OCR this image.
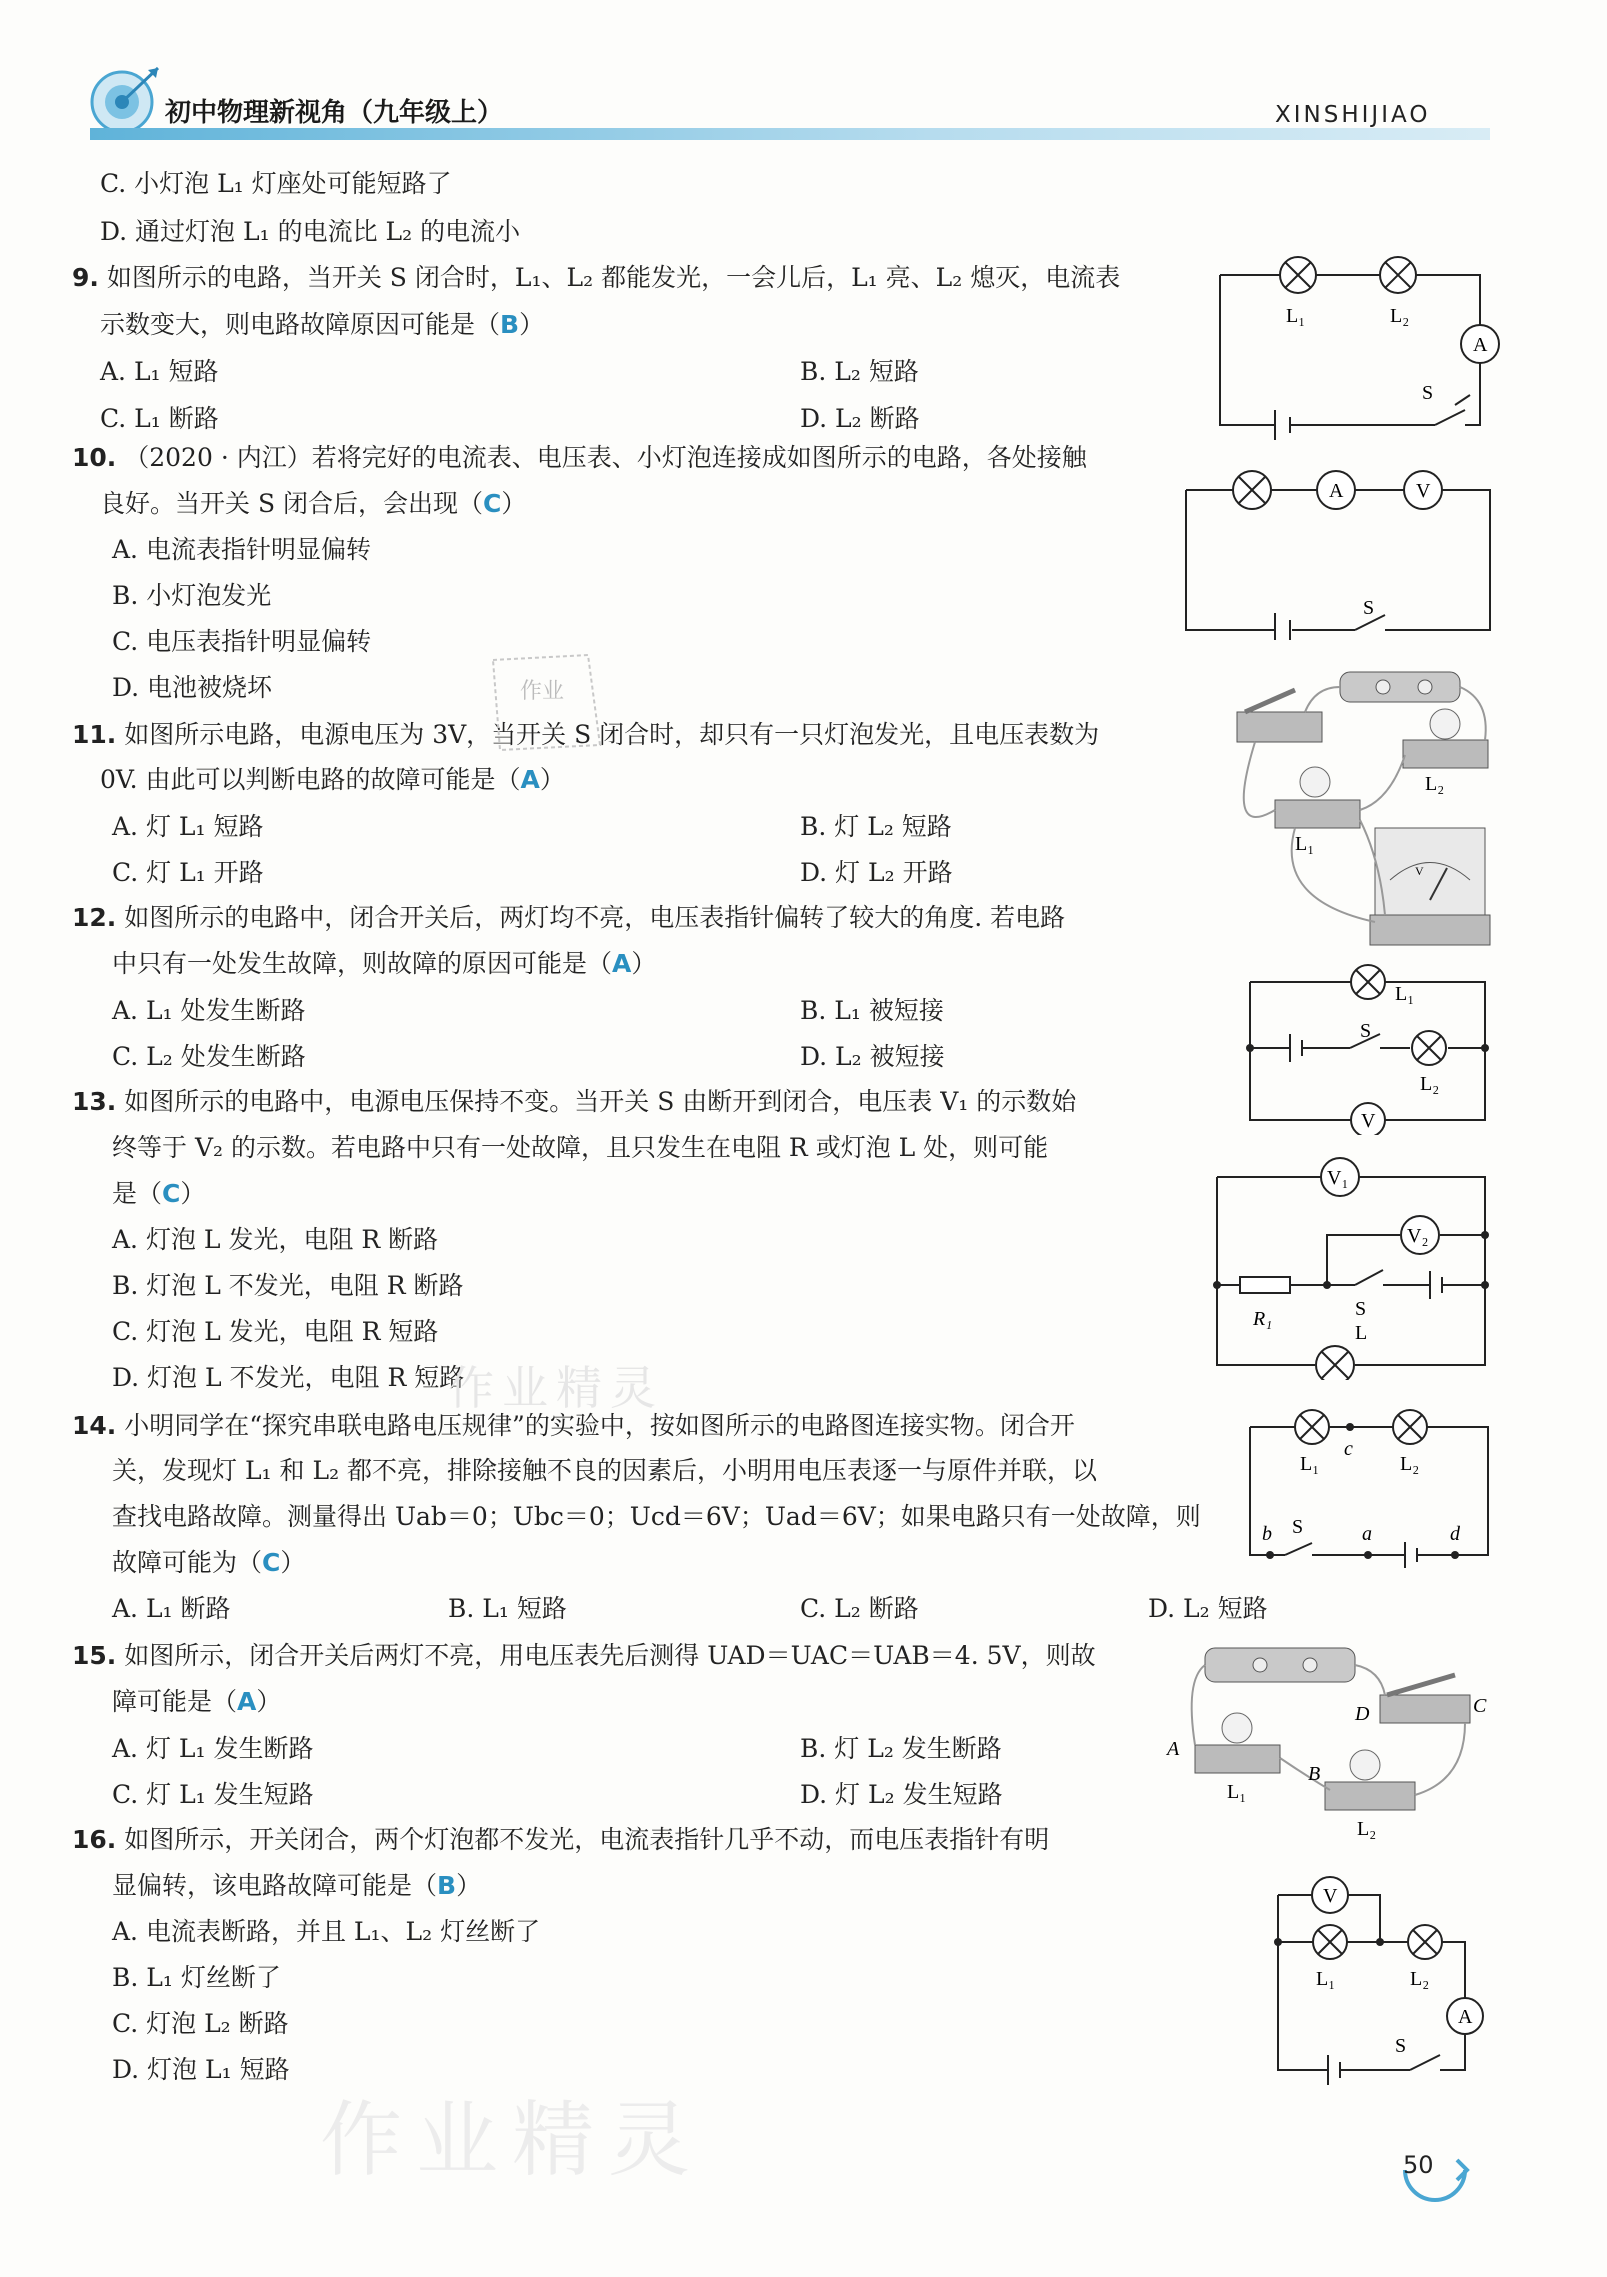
初中物理新视角（九年级上）	XINSHIJIAO
C. 小灯泡 L₁ 灯座处可能短路了
D. 通过灯泡 L₁ 的电流比 L₂ 的电流小
9. 如图所示的电路，当开关 S 闭合时，L₁、L₂ 都能发光，一会儿后，L₁ 亮、L₂ 熄灭，电流表
示数变大，则电路故障原因可能是（B）
A. L₁ 短路	B. L₂ 短路
C. L₁ 断路	D. L₂ 断路
10. （2020 · 内江）若将完好的电流表、电压表、小灯泡连接成如图所示的电路，各处接触
良好。当开关 S 闭合后，会出现（C）
A. 电流表指针明显偏转
B. 小灯泡发光
C. 电压表指针明显偏转
D. 电池被烧坏
11. 如图所示电路，电源电压为 3V，当开关 S 闭合时，却只有一只灯泡发光，且电压表数为
0V. 由此可以判断电路的故障可能是（A）
A. 灯 L₁ 短路	B. 灯 L₂ 短路
C. 灯 L₁ 开路	D. 灯 L₂ 开路
12. 如图所示的电路中，闭合开关后，两灯均不亮，电压表指针偏转了较大的角度. 若电路
中只有一处发生故障，则故障的原因可能是（A）
A. L₁ 处发生断路	B. L₁ 被短接
C. L₂ 处发生断路	D. L₂ 被短接
13. 如图所示的电路中，电源电压保持不变。当开关 S 由断开到闭合，电压表 V₁ 的示数始
终等于 V₂ 的示数。若电路中只有一处故障，且只发生在电阻 R 或灯泡 L 处，则可能
是（C）
A. 灯泡 L 发光，电阻 R 断路
B. 灯泡 L 不发光，电阻 R 断路
C. 灯泡 L 发光，电阻 R 短路
D. 灯泡 L 不发光，电阻 R 短路
14. 小明同学在“探究串联电路电压规律”的实验中，按如图所示的电路图连接实物。闭合开
关，发现灯 L₁ 和 L₂ 都不亮，排除接触不良的因素后，小明用电压表逐一与原件并联，以
查找电路故障。测量得出 Uab＝0；Ubc＝0；Ucd＝6V；Uad＝6V；如果电路只有一处故障，则
故障可能为（C）
A. L₁ 断路	B. L₁ 短路	C. L₂ 断路	D. L₂ 短路
15. 如图所示，闭合开关后两灯不亮，用电压表先后测得 UAD＝UAC＝UAB＝4. 5V，则故
障可能是（A）
A. 灯 L₁ 发生断路	B. 灯 L₂ 发生断路
C. 灯 L₁ 发生短路	D. 灯 L₂ 发生短路
16. 如图所示，开关闭合，两个灯泡都不发光，电流表指针几乎不动，而电压表指针有明
显偏转，该电路故障可能是（B）
A. 电流表断路，并且 L₁、L₂ 灯丝断了
B. L₁ 灯丝断了
C. 灯泡 L₂ 断路
D. 灯泡 L₁ 短路
A
L₁	L₂
S
A	V
S
L₁
L₂
V
V
L₁
L₂
S
V₁
V₂
R₁	S
L
L₁	L₂
c
b S	a	d
A
B
C
D
L₁
L₂
V
A
L₁	L₂
S
作业精灵
作业精灵
作业
50
